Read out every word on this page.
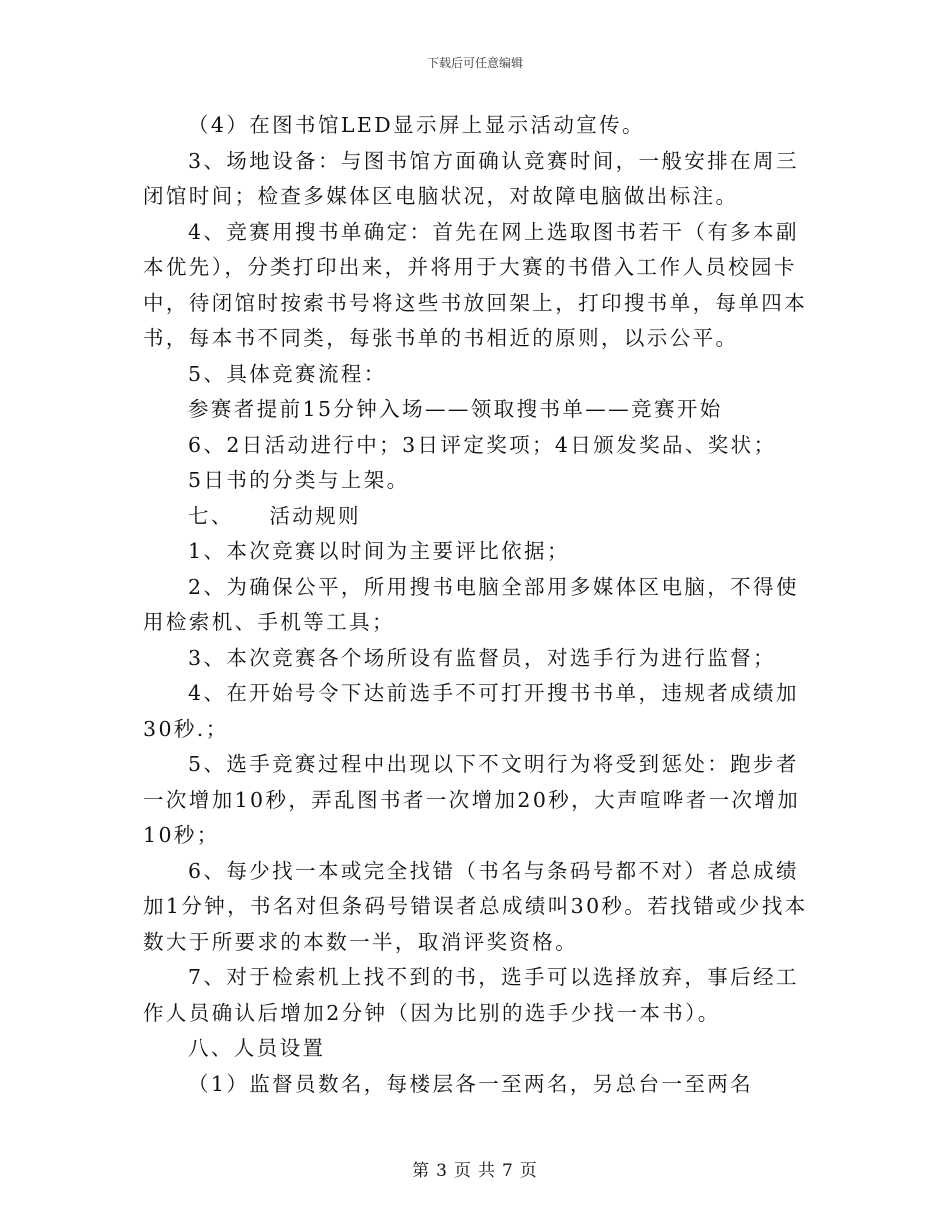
下载后可任意编辑

（4）在图书馆LED显示屏上显示活动宣传。

3、场地设备：与图书馆方面确认竞赛时间，一般安排在周三闭馆时间；检查多媒体区电脑状况，对故障电脑做出标注。

4、竞赛用搜书单确定：首先在网上选取图书若干（有多本副本优先），分类打印出来，并将用于大赛的书借入工作人员校园卡中，待闭馆时按索书号将这些书放回架上，打印搜书单，每单四本书，每本书不同类，每张书单的书相近的原则，以示公平。

5、具体竞赛流程：

参赛者提前15分钟入场——领取搜书单——竞赛开始

6、2日活动进行中；3日评定奖项；4日颁发奖品、奖状；

5日书的分类与上架。

七、　　活动规则

1、本次竞赛以时间为主要评比依据；

2、为确保公平，所用搜书电脑全部用多媒体区电脑，不得使用检索机、手机等工具；

3、本次竞赛各个场所设有监督员，对选手行为进行监督；

4、在开始号令下达前选手不可打开搜书书单，违规者成绩加30秒.；

5、选手竞赛过程中出现以下不文明行为将受到惩处：跑步者一次增加10秒，弄乱图书者一次增加20秒，大声喧哗者一次增加10秒；

6、每少找一本或完全找错（书名与条码号都不对）者总成绩加1分钟，书名对但条码号错误者总成绩叫30秒。若找错或少找本数大于所要求的本数一半，取消评奖资格。

7、对于检索机上找不到的书，选手可以选择放弃，事后经工作人员确认后增加2分钟（因为比别的选手少找一本书）。

八、人员设置

（1）监督员数名，每楼层各一至两名，另总台一至两名

第 3 页 共 7 页
